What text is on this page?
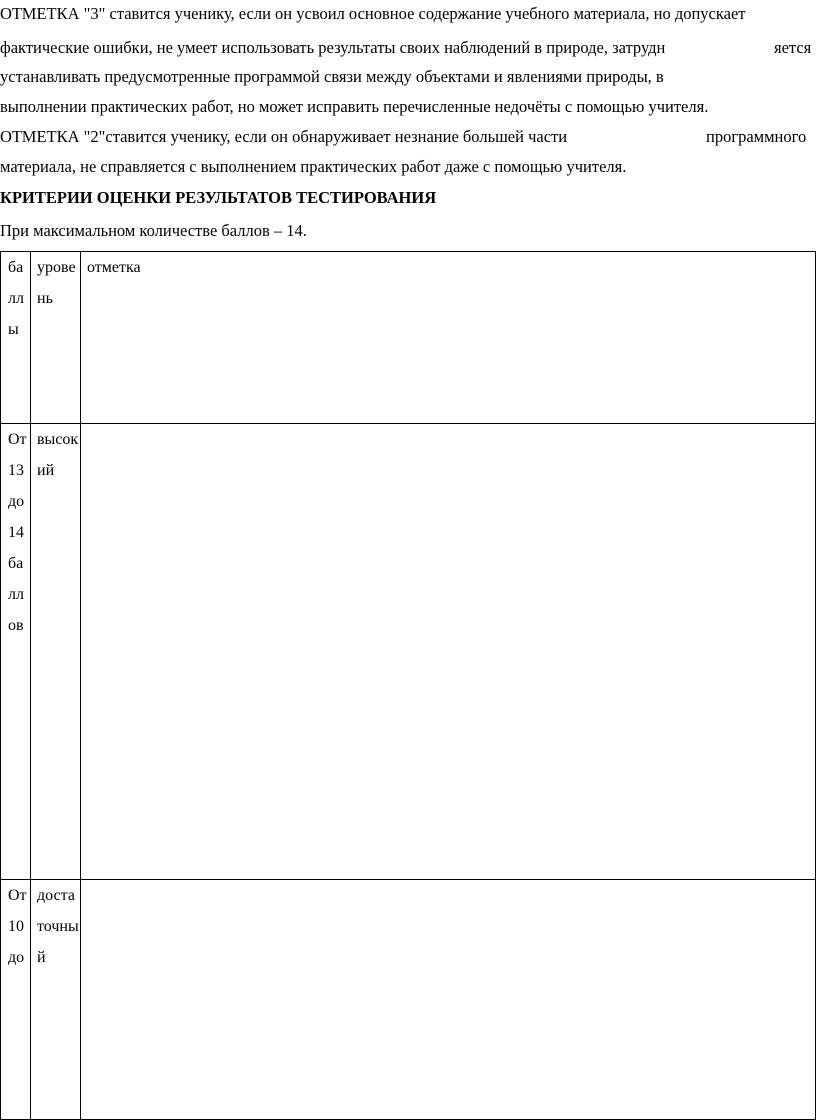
ОТМЕТКА "3" ставится ученику, если он усвоил основное содержание учебного материала, но допускает
фактические ошибки, не умеет использовать результаты своих наблюдений в природе, затрудн	яется
устанавливать предусмотренные программой связи между объектами и явлениями природы, в
выполнении практических работ, но может исправить перечисленные недочёты с помощью учителя.
ОТМЕТКА "2"ставится ученику, если он обнаруживает незнание большей части	программного
материала, не справляется с выполнением практических работ даже с помощью учителя.
КРИТЕРИИ ОЦЕНКИ РЕЗУЛЬТАТОВ ТЕСТИРОВАНИЯ
При максимальном количестве баллов – 14.
баллы	уровень	отметка

От 13 до 14 баллов	высокий	

От 10 до	достаточный	
